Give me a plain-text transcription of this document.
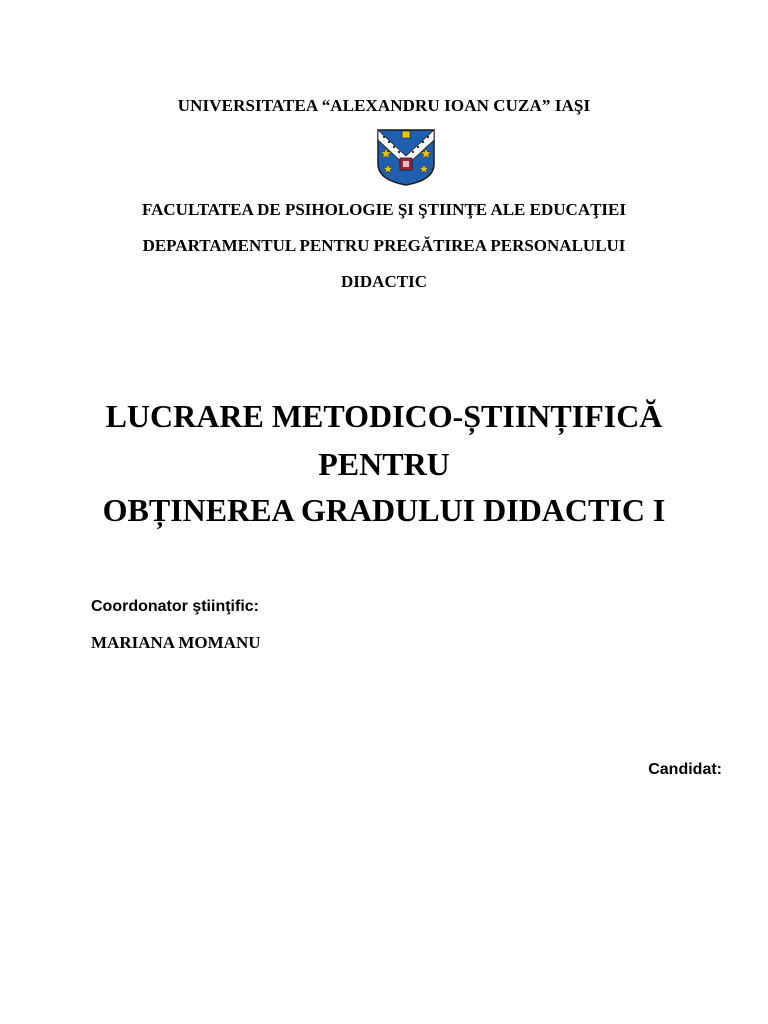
UNIVERSITATEA “ALEXANDRU IOAN CUZA” IAŞI
FACULTATEA DE PSIHOLOGIE ŞI ŞTIINŢE ALE EDUCAŢIEI
DEPARTAMENTUL PENTRU PREGĂTIREA PERSONALULUI
DIDACTIC
LUCRARE METODICO-ȘTIINȚIFICĂ
PENTRU
OBȚINEREA GRADULUI DIDACTIC I
Coordonator ştiinţific:
MARIANA MOMANU
Candidat:
